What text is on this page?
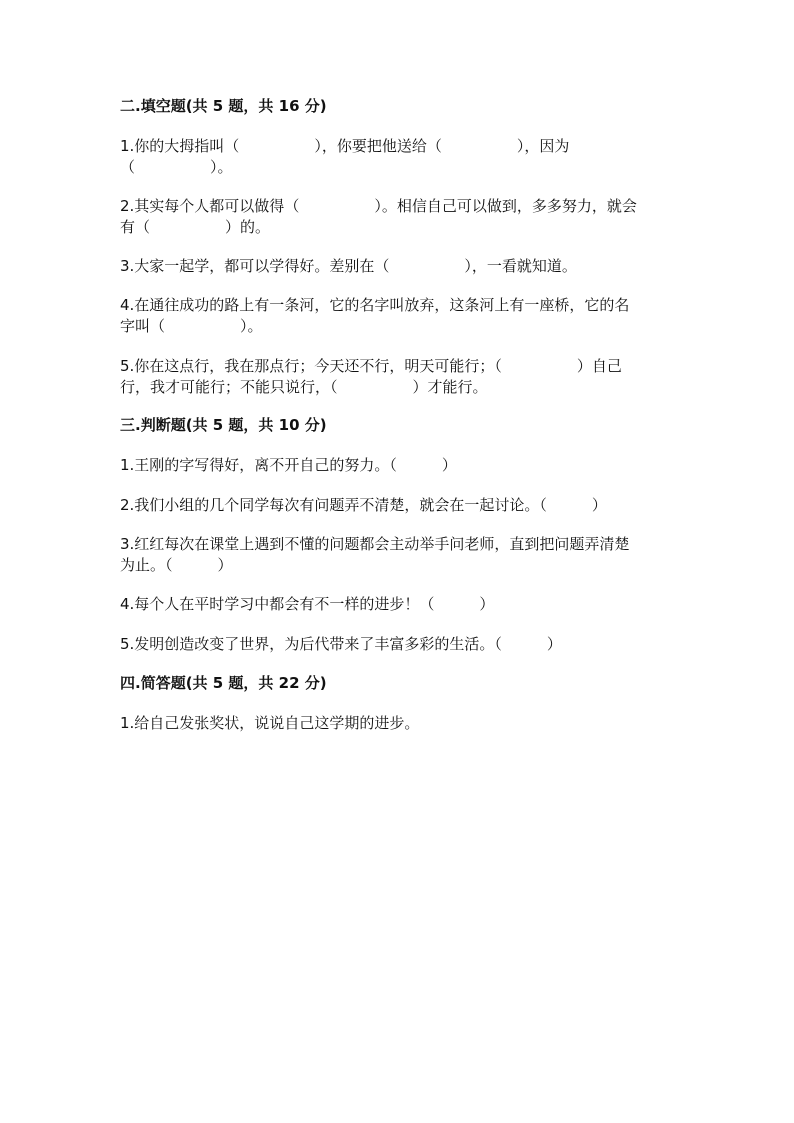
二.填空题(共 5 题，共 16 分)
1.你的大拇指叫（　　　　　），你要把他送给（　　　　　），因为
（　　　　　）。
2.其实每个人都可以做得（　　　　　）。相信自己可以做到，多多努力，就会
有（　　　　　）的。
3.大家一起学，都可以学得好。差别在（　　　　　），一看就知道。
4.在通往成功的路上有一条河，它的名字叫放弃，这条河上有一座桥，它的名
字叫（　　　　　）。
5.你在这点行，我在那点行；今天还不行，明天可能行；（　　　　　）自己
行，我才可能行；不能只说行，（　　　　　）才能行。
三.判断题(共 5 题，共 10 分)
1.王刚的字写得好，离不开自己的努力。（　　　）
2.我们小组的几个同学每次有问题弄不清楚，就会在一起讨论。（　　　）
3.红红每次在课堂上遇到不懂的问题都会主动举手问老师，直到把问题弄清楚
为止。（　　　）
4.每个人在平时学习中都会有不一样的进步！（　　　）
5.发明创造改变了世界，为后代带来了丰富多彩的生活。（　　　）
四.简答题(共 5 题，共 22 分)
1.给自己发张奖状，说说自己这学期的进步。
